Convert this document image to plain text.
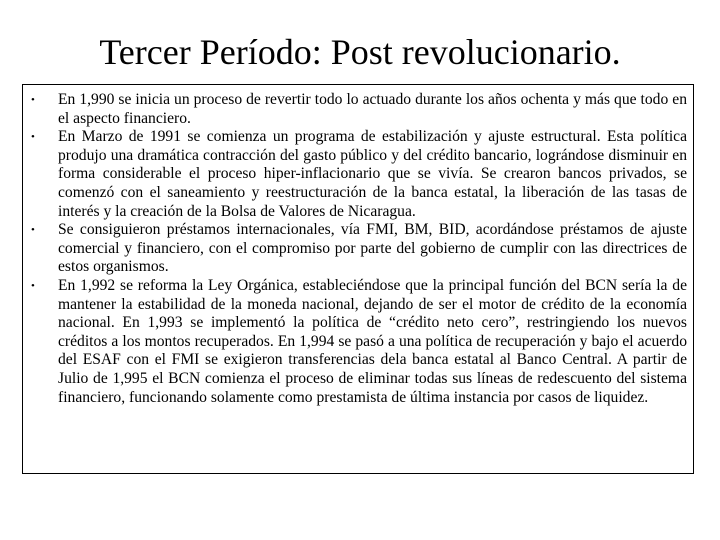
Tercer Período: Post revolucionario.
• En 1,990 se inicia un proceso de revertir todo lo actuado durante los años ochenta y más que todo en el aspecto financiero.
• En Marzo de 1991 se comienza un programa de estabilización y ajuste estructural. Esta política produjo una dramática contracción del gasto público y del crédito bancario, lográndose disminuir en forma considerable el proceso hiper-inflacionario que se vivía. Se crearon bancos privados, se comenzó con el saneamiento y reestructuración de la banca estatal, la liberación de las tasas de interés y la creación de la Bolsa de Valores de Nicaragua.
• Se consiguieron préstamos internacionales, vía FMI, BM, BID, acordándose préstamos de ajuste comercial y financiero, con el compromiso por parte del gobierno de cumplir con las directrices de estos organismos.
• En 1,992 se reforma la Ley Orgánica, estableciéndose que la principal función del BCN sería la de mantener la estabilidad de la moneda nacional, dejando de ser el motor de crédito de la economía nacional. En 1,993 se implementó la política de “crédito neto cero”, restringiendo los nuevos créditos a los montos recuperados. En 1,994 se pasó a una política de recuperación y bajo el acuerdo del ESAF con el FMI se exigieron transferencias dela banca estatal al Banco Central. A partir de Julio de 1,995 el BCN comienza el proceso de eliminar todas sus líneas de redescuento del sistema financiero, funcionando solamente como prestamista de última instancia por casos de liquidez.
